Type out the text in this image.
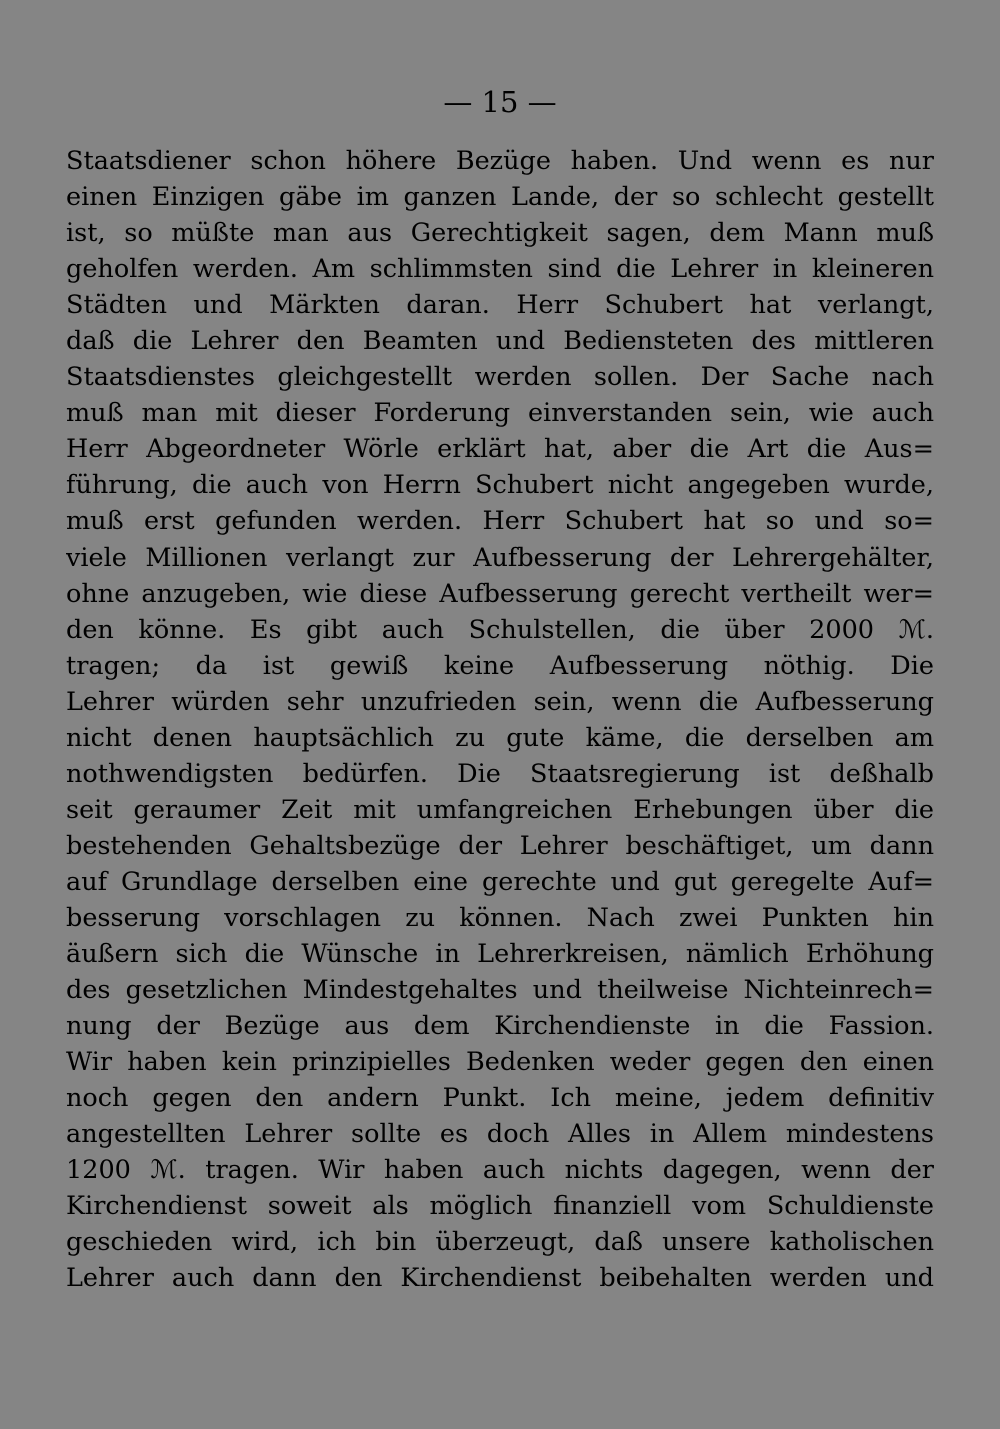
— 15 —
Staatsdiener schon höhere Bezüge haben. Und wenn es nur
einen Einzigen gäbe im ganzen Lande, der so schlecht gestellt
ist, so müßte man aus Gerechtigkeit sagen, dem Mann muß
geholfen werden. Am schlimmsten sind die Lehrer in kleineren
Städten und Märkten daran. Herr Schubert hat verlangt,
daß die Lehrer den Beamten und Bediensteten des mittleren
Staatsdienstes gleichgestellt werden sollen. Der Sache nach
muß man mit dieser Forderung einverstanden sein, wie auch
Herr Abgeordneter Wörle erklärt hat, aber die Art die Aus=
führung, die auch von Herrn Schubert nicht angegeben wurde,
muß erst gefunden werden. Herr Schubert hat so und so=
viele Millionen verlangt zur Aufbesserung der Lehrergehälter,
ohne anzugeben, wie diese Aufbesserung gerecht vertheilt wer=
den könne. Es gibt auch Schulstellen, die über 2000 ℳ.
tragen; da ist gewiß keine Aufbesserung nöthig. Die
Lehrer würden sehr unzufrieden sein, wenn die Aufbesserung
nicht denen hauptsächlich zu gute käme, die derselben am
nothwendigsten bedürfen. Die Staatsregierung ist deßhalb
seit geraumer Zeit mit umfangreichen Erhebungen über die
bestehenden Gehaltsbezüge der Lehrer beschäftiget, um dann
auf Grundlage derselben eine gerechte und gut geregelte Auf=
besserung vorschlagen zu können. Nach zwei Punkten hin
äußern sich die Wünsche in Lehrerkreisen, nämlich Erhöhung
des gesetzlichen Mindestgehaltes und theilweise Nichteinrech=
nung der Bezüge aus dem Kirchendienste in die Fassion.
Wir haben kein prinzipielles Bedenken weder gegen den einen
noch gegen den andern Punkt. Ich meine, jedem definitiv
angestellten Lehrer sollte es doch Alles in Allem mindestens
1200 ℳ. tragen. Wir haben auch nichts dagegen, wenn der
Kirchendienst soweit als möglich finanziell vom Schuldienste
geschieden wird, ich bin überzeugt, daß unsere katholischen
Lehrer auch dann den Kirchendienst beibehalten werden und
